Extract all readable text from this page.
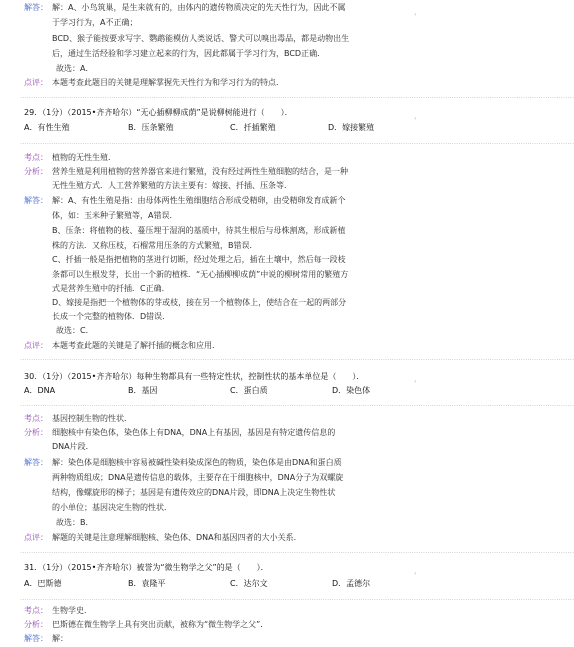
解答： 解：A、小鸟筑巢，是生来就有的，由体内的遗传物质决定的先天性行为，因此不属
于学习行为，A不正确；
BCD、猴子能按要求写字、鹦鹉能模仿人类说话、警犬可以嗅出毒品，都是动物出生
后，通过生活经验和学习建立起来的行为，因此都属于学习行为，BCD正确．
故选：A．
点评： 本题考查此题目的关键是理解掌握先天性行为和学习行为的特点．
.........................................................................................................................................................................................................................................................
29．（1分）（2015•齐齐哈尔）“无心插柳柳成荫”是说柳树能进行（　　）．
A．有性生殖	B．压条繁殖	C．扦插繁殖	D．嫁接繁殖
.........................................................................................................................................................................................................................................................
考点： 植物的无性生殖．
分析： 营养生殖是利用植物的营养器官来进行繁殖，没有经过两性生殖细胞的结合，是一种
无性生殖方式．人工营养繁殖的方法主要有：嫁接、扦插、压条等．
解答： 解：A、有性生殖是指：由母体两性生殖细胞结合形成受精卵，由受精卵发育成新个
体，如：玉米种子繁殖等，A错误．
B、压条：将植物的枝、蔓压埋于湿润的基质中，待其生根后与母株割离，形成新植
株的方法．又称压枝，石榴常用压条的方式繁殖，B错误．
C、扦插一般是指把植物的茎进行切断，经过处理之后，插在土壤中，然后每一段枝
条都可以生根发芽，长出一个新的植株．“无心插柳柳成荫”中说的柳树常用的繁殖方
式是营养生殖中的扦插．C正确．
D、嫁接是指把一个植物体的芽或枝，接在另一个植物体上，使结合在一起的两部分
长成一个完整的植物体．D错误．
故选：C．
点评： 本题考查此题的关键是了解扦插的概念和应用．
.........................................................................................................................................................................................................................................................
30．（1分）（2015•齐齐哈尔）每种生物都具有一些特定性状，控制性状的基本单位是（　　）．
A．DNA	B．基因	C．蛋白质	D．染色体
.........................................................................................................................................................................................................................................................
考点： 基因控制生物的性状．
分析： 细胞核中有染色体，染色体上有DNA，DNA上有基因，基因是有特定遗传信息的
DNA片段．
解答： 解：染色体是细胞核中容易被碱性染料染成深色的物质，染色体是由DNA和蛋白质
两种物质组成；DNA是遗传信息的载体，主要存在于细胞核中，DNA分子为双螺旋
结构，像螺旋形的梯子；基因是有遗传效应的DNA片段，即DNA上决定生物性状
的小单位；基因决定生物的性状．
故选：B．
点评： 解题的关键是注意理解细胞核、染色体、DNA和基因四者的大小关系．
.........................................................................................................................................................................................................................................................
31．（1分）（2015•齐齐哈尔）被誉为“微生物学之父”的是（　　）．
A．巴斯德	B．袁隆平	C．达尔文	D．孟德尔
.........................................................................................................................................................................................................................................................
考点： 生物学史．
分析： 巴斯德在微生物学上具有突出贡献，被称为“微生物学之父”．
解答： 解：
，
，
，
，
